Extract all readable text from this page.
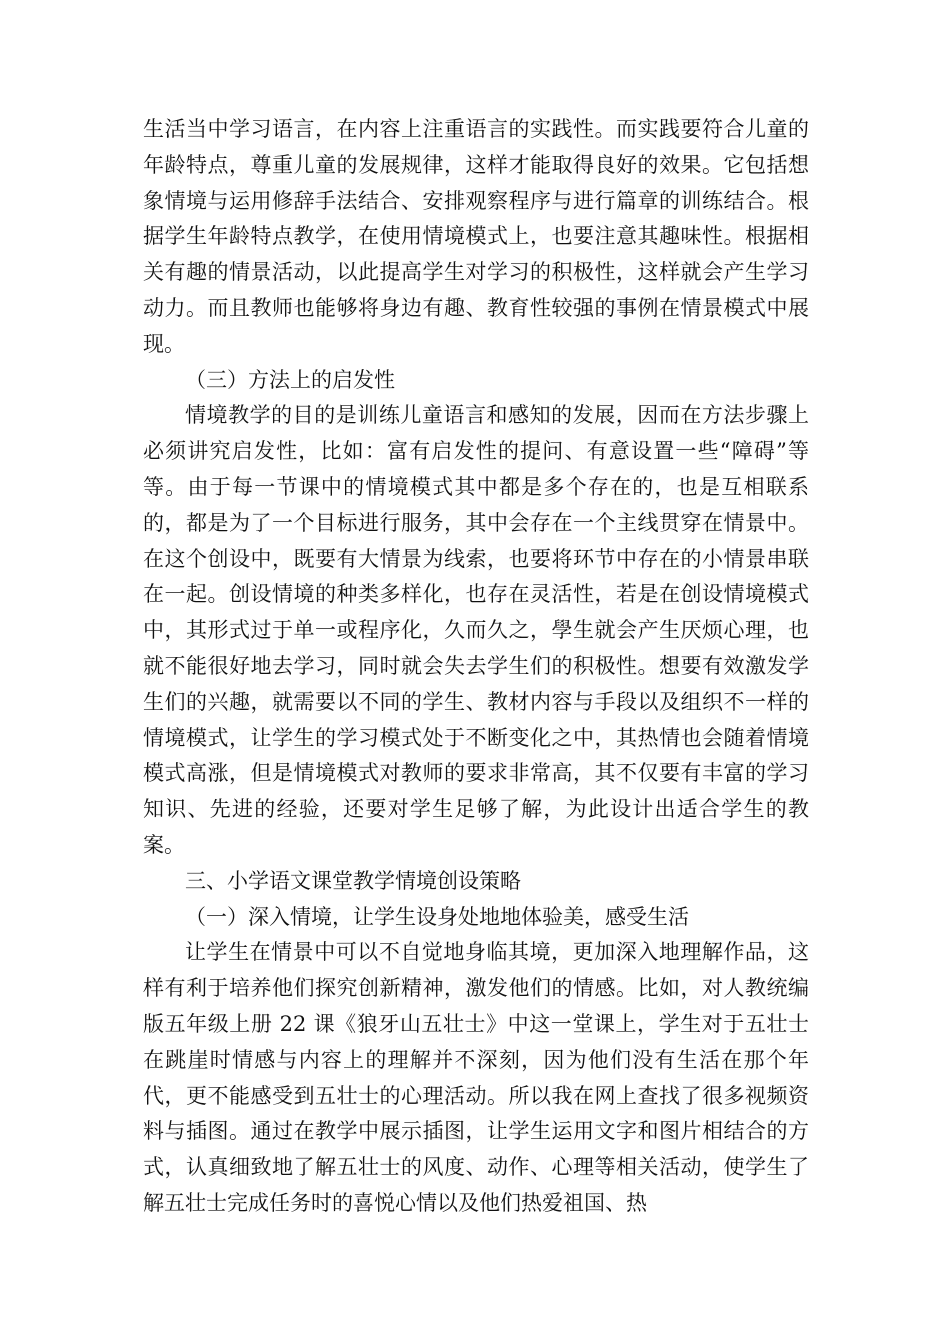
生活当中学习语言，在内容上注重语言的实践性。而实践要符合儿童的年龄特点，尊重儿童的发展规律，这样才能取得良好的效果。它包括想象情境与运用修辞手法结合、安排观察程序与进行篇章的训练结合。根据学生年龄特点教学，在使用情境模式上，也要注意其趣味性。根据相关有趣的情景活动，以此提高学生对学习的积极性，这样就会产生学习动力。而且教师也能够将身边有趣、教育性较强的事例在情景模式中展现。

（三）方法上的启发性

情境教学的目的是训练儿童语言和感知的发展，因而在方法步骤上必须讲究启发性，比如：富有启发性的提问、有意设置一些“障碍”等等。由于每一节课中的情境模式其中都是多个存在的，也是互相联系的，都是为了一个目标进行服务，其中会存在一个主线贯穿在情景中。在这个创设中，既要有大情景为线索，也要将环节中存在的小情景串联在一起。创设情境的种类多样化，也存在灵活性，若是在创设情境模式中，其形式过于单一或程序化，久而久之，學生就会产生厌烦心理，也就不能很好地去学习，同时就会失去学生们的积极性。想要有效激发学生们的兴趣，就需要以不同的学生、教材内容与手段以及组织不一样的情境模式，让学生的学习模式处于不断变化之中，其热情也会随着情境模式高涨，但是情境模式对教师的要求非常高，其不仅要有丰富的学习知识、先进的经验，还要对学生足够了解，为此设计出适合学生的教案。

三、小学语文课堂教学情境创设策略

（一）深入情境，让学生设身处地地体验美，感受生活

让学生在情景中可以不自觉地身临其境，更加深入地理解作品，这样有利于培养他们探究创新精神，激发他们的情感。比如，对人教统编版五年级上册 22 课《狼牙山五壮士》中这一堂课上，学生对于五壮士在跳崖时情感与内容上的理解并不深刻，因为他们没有生活在那个年代，更不能感受到五壮士的心理活动。所以我在网上查找了很多视频资料与插图。通过在教学中展示插图，让学生运用文字和图片相结合的方式，认真细致地了解五壮士的风度、动作、心理等相关活动，使学生了解五壮士完成任务时的喜悦心情以及他们热爱祖国、热
